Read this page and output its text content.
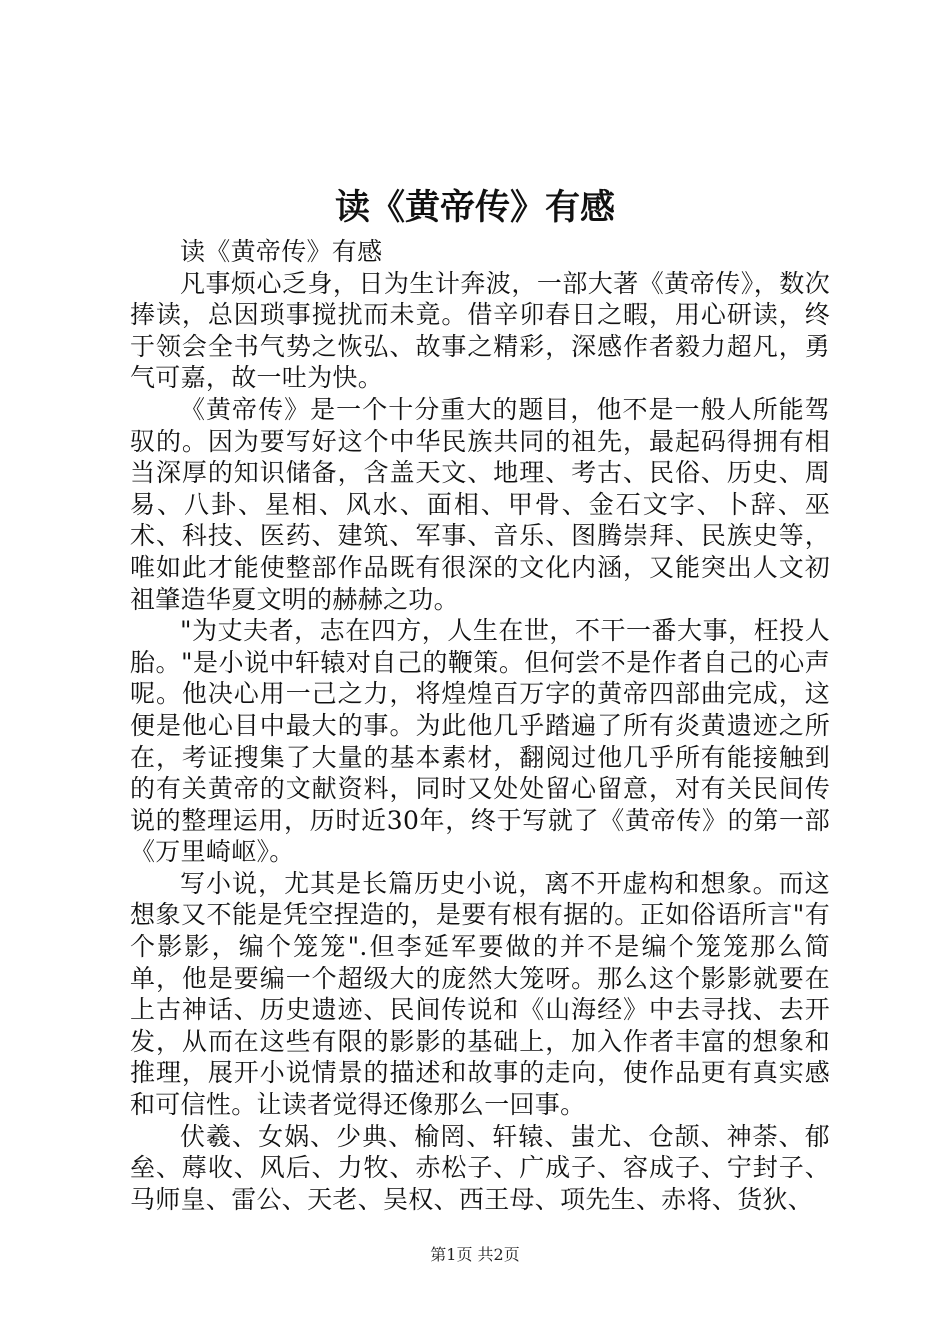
读《黄帝传》有感

读《黄帝传》有感

凡事烦心乏身，日为生计奔波，一部大著《黄帝传》，数次捧读，总因琐事搅扰而未竟。借辛卯春日之暇，用心研读，终于领会全书气势之恢弘、故事之精彩，深感作者毅力超凡，勇气可嘉，故一吐为快。

《黄帝传》是一个十分重大的题目，他不是一般人所能驾驭的。因为要写好这个中华民族共同的祖先，最起码得拥有相当深厚的知识储备，含盖天文、地理、考古、民俗、历史、周易、八卦、星相、风水、面相、甲骨、金石文字、卜辞、巫术、科技、医药、建筑、军事、音乐、图腾崇拜、民族史等，唯如此才能使整部作品既有很深的文化内涵，又能突出人文初祖肇造华夏文明的赫赫之功。

"为丈夫者，志在四方，人生在世，不干一番大事，枉投人胎。"是小说中轩辕对自己的鞭策。但何尝不是作者自己的心声呢。他决心用一己之力，将煌煌百万字的黄帝四部曲完成，这便是他心目中最大的事。为此他几乎踏遍了所有炎黄遗迹之所在，考证搜集了大量的基本素材，翻阅过他几乎所有能接触到的有关黄帝的文献资料，同时又处处留心留意，对有关民间传说的整理运用，历时近30年，终于写就了《黄帝传》的第一部《万里崎岖》。

写小说，尤其是长篇历史小说，离不开虚构和想象。而这想象又不能是凭空捏造的，是要有根有据的。正如俗语所言"有个影影，编个笼笼".但李延军要做的并不是编个笼笼那么简单，他是要编一个超级大的庞然大笼呀。那么这个影影就要在上古神话、历史遗迹、民间传说和《山海经》中去寻找、去开发，从而在这些有限的影影的基础上，加入作者丰富的想象和推理，展开小说情景的描述和故事的走向，使作品更有真实感和可信性。让读者觉得还像那么一回事。

伏羲、女娲、少典、榆罔、轩辕、蚩尤、仓颉、神荼、郁垒、蓐收、风后、力牧、赤松子、广成子、容成子、宁封子、马师皇、雷公、天老、吴权、西王母、项先生、赤将、货狄、

第1页 共2页
